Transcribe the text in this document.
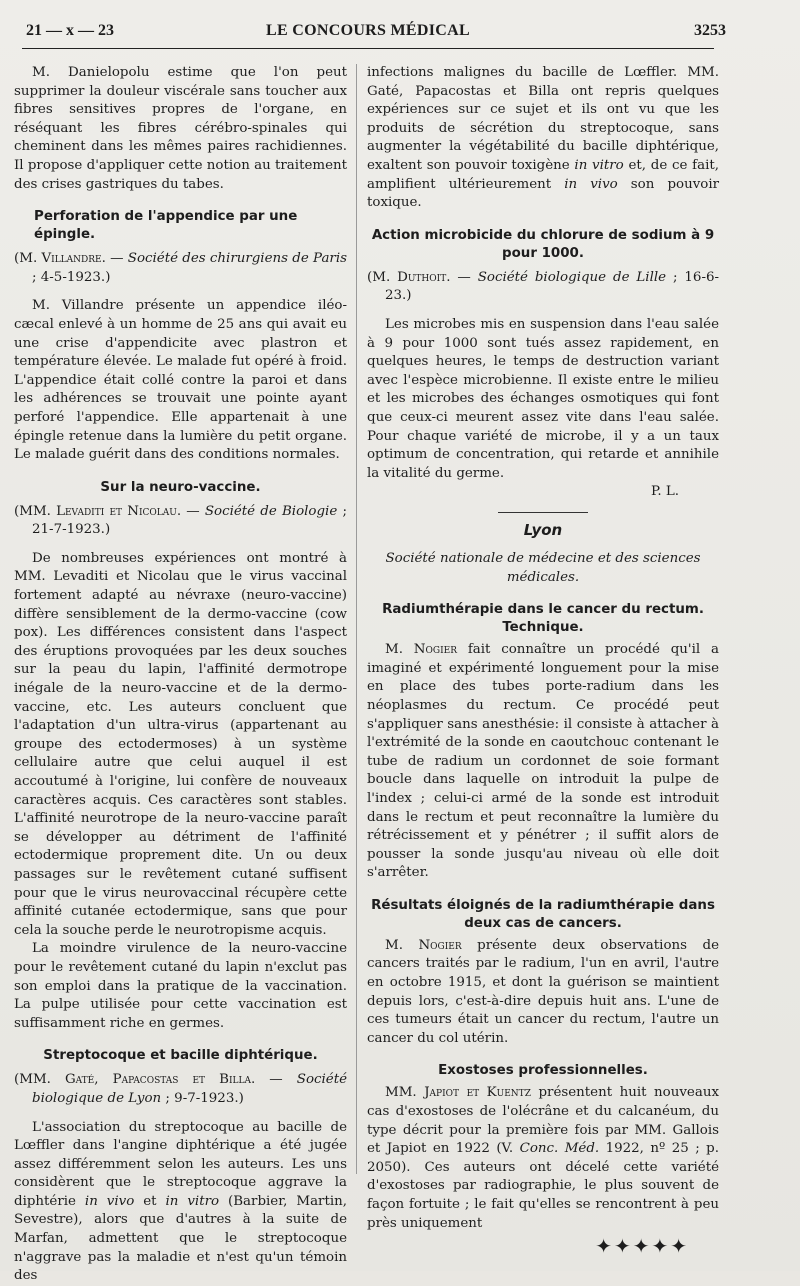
21 — x — 23	LE CONCOURS MÉDICAL	3253

M. Danielopolu estime que l'on peut supprimer la douleur viscérale sans toucher aux fibres sensitives propres de l'organe, en réséquant les fibres cérébro-spinales qui cheminent dans les mêmes paires rachidiennes. Il propose d'appliquer cette notion au traitement des crises gastriques du tabes.

Perforation de l'appendice par une épingle.
(M. Villandre. — Société des chirurgiens de Paris ; 4-5-1923.)

M. Villandre présente un appendice iléo-cæcal enlevé à un homme de 25 ans qui avait eu une crise d'appendicite avec plastron et température élevée. Le malade fut opéré à froid. L'appendice était collé contre la paroi et dans les adhérences se trouvait une pointe ayant perforé l'appendice. Elle appartenait à une épingle retenue dans la lumière du petit organe. Le malade guérit dans des conditions normales.

Sur la neuro-vaccine.
(MM. Levaditi et Nicolau. — Société de Biologie ; 21-7-1923.)

De nombreuses expériences ont montré à MM. Levaditi et Nicolau que le virus vaccinal fortement adapté au névraxe (neuro-vaccine) diffère sensiblement de la dermo-vaccine (cow pox). Les différences consistent dans l'aspect des éruptions provoquées par les deux souches sur la peau du lapin, l'affinité dermotrope inégale de la neuro-vaccine et de la dermo-vaccine, etc. Les auteurs concluent que l'adaptation d'un ultra-virus (appartenant au groupe des ectodermoses) à un système cellulaire autre que celui auquel il est accoutumé à l'origine, lui confère de nouveaux caractères acquis. Ces caractères sont stables. L'affinité neurotrope de la neuro-vaccine paraît se développer au détriment de l'affinité ectodermique proprement dite. Un ou deux passages sur le revêtement cutané suffisent pour que le virus neurovaccinal récupère cette affinité cutanée ectodermique, sans que pour cela la souche perde le neurotropisme acquis.

La moindre virulence de la neuro-vaccine pour le revêtement cutané du lapin n'exclut pas son emploi dans la pratique de la vaccination. La pulpe utilisée pour cette vaccination est suffisamment riche en germes.

Streptocoque et bacille diphtérique.
(MM. Gaté, Papacostas et Billa. — Société biologique de Lyon ; 9-7-1923.)

L'association du streptocoque au bacille de Lœffler dans l'angine diphtérique a été jugée assez différemment selon les auteurs. Les uns considèrent que le streptocoque aggrave la diphtérie in vivo et in vitro (Barbier, Martin, Sevestre), alors que d'autres à la suite de Marfan, admettent que le streptocoque n'aggrave pas la maladie et n'est qu'un témoin des

infections malignes du bacille de Lœffler. MM. Gaté, Papacostas et Billa ont repris quelques expériences sur ce sujet et ils ont vu que les produits de sécrétion du streptocoque, sans augmenter la végétabilité du bacille diphtérique, exaltent son pouvoir toxigène in vitro et, de ce fait, amplifient ultérieurement in vivo son pouvoir toxique.

Action microbicide du chlorure de sodium à 9 pour 1000.
(M. Duthoit. — Société biologique de Lille ; 16-6-23.)

Les microbes mis en suspension dans l'eau salée à 9 pour 1000 sont tués assez rapidement, en quelques heures, le temps de destruction variant avec l'espèce microbienne. Il existe entre le milieu et les microbes des échanges osmotiques qui font que ceux-ci meurent assez vite dans l'eau salée. Pour chaque variété de microbe, il y a un taux optimum de concentration, qui retarde et annihile la vitalité du germe.

P. L.
Lyon
Société nationale de médecine et des sciences médicales.
Radiumthérapie dans le cancer du rectum. Technique.

M. Nogier fait connaître un procédé qu'il a imaginé et expérimenté longuement pour la mise en place des tubes porte-radium dans les néoplasmes du rectum. Ce procédé peut s'appliquer sans anesthésie: il consiste à attacher à l'extrémité de la sonde en caoutchouc contenant le tube de radium un cordonnet de soie formant boucle dans laquelle on introduit la pulpe de l'index ; celui-ci armé de la sonde est introduit dans le rectum et peut reconnaître la lumière du rétrécissement et y pénétrer ; il suffit alors de pousser la sonde jusqu'au niveau où elle doit s'arrêter.

Résultats éloignés de la radiumthérapie dans deux cas de cancers.

M. Nogier présente deux observations de cancers traités par le radium, l'un en avril, l'autre en octobre 1915, et dont la guérison se maintient depuis lors, c'est-à-dire depuis huit ans. L'une de ces tumeurs était un cancer du rectum, l'autre un cancer du col utérin.

Exostoses professionnelles.

MM. Japiot et Kuentz présentent huit nouveaux cas d'exostoses de l'olécrâne et du calcanéum, du type décrit pour la première fois par MM. Gallois et Japiot en 1922 (V. Conc. Méd. 1922, nº 25 ; p. 2050). Ces auteurs ont décelé cette variété d'exostoses par radiographie, le plus souvent de façon fortuite ; le fait qu'elles se rencontrent à peu près uniquement

✦✦✦✦✦
